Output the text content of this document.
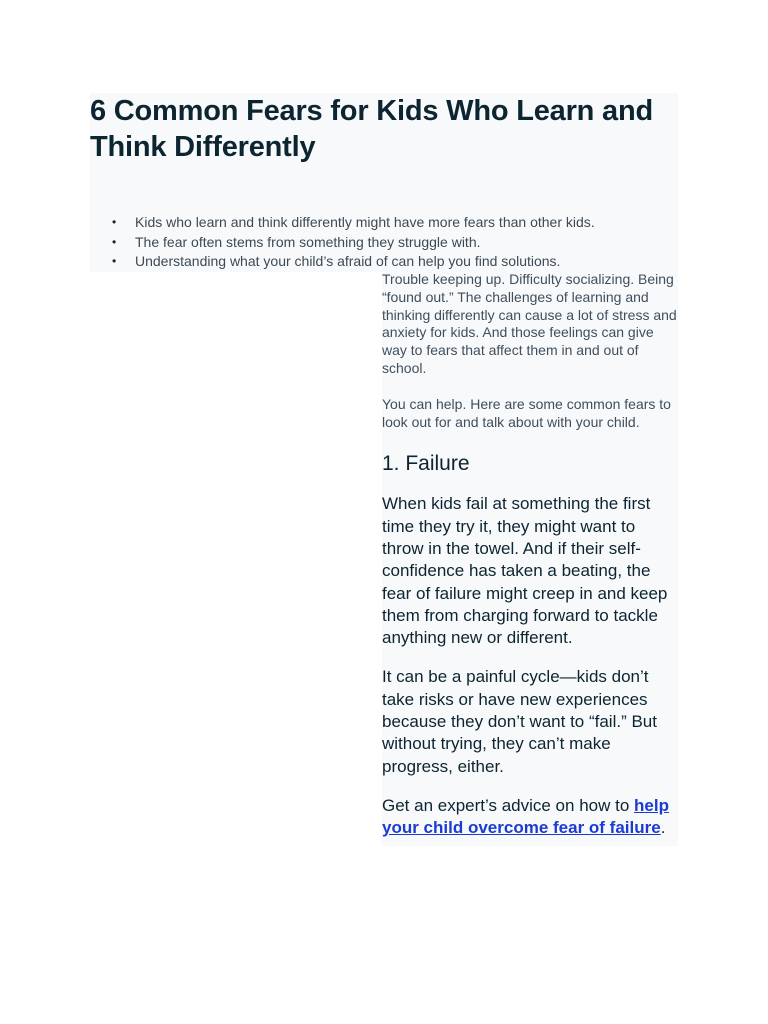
6 Common Fears for Kids Who Learn and Think Differently
• Kids who learn and think differently might have more fears than other kids.
• The fear often stems from something they struggle with.
• Understanding what your child’s afraid of can help you find solutions.

Trouble keeping up. Difficulty socializing. Being “found out.” The challenges of learning and thinking differently can cause a lot of stress and anxiety for kids. And those feelings can give way to fears that affect them in and out of school.

You can help. Here are some common fears to look out for and talk about with your child.

1. Failure

When kids fail at something the first time they try it, they might want to throw in the towel. And if their self-confidence has taken a beating, the fear of failure might creep in and keep them from charging forward to tackle anything new or different.

It can be a painful cycle—kids don’t take risks or have new experiences because they don’t want to “fail.” But without trying, they can’t make progress, either.

Get an expert’s advice on how to help your child overcome fear of failure.
